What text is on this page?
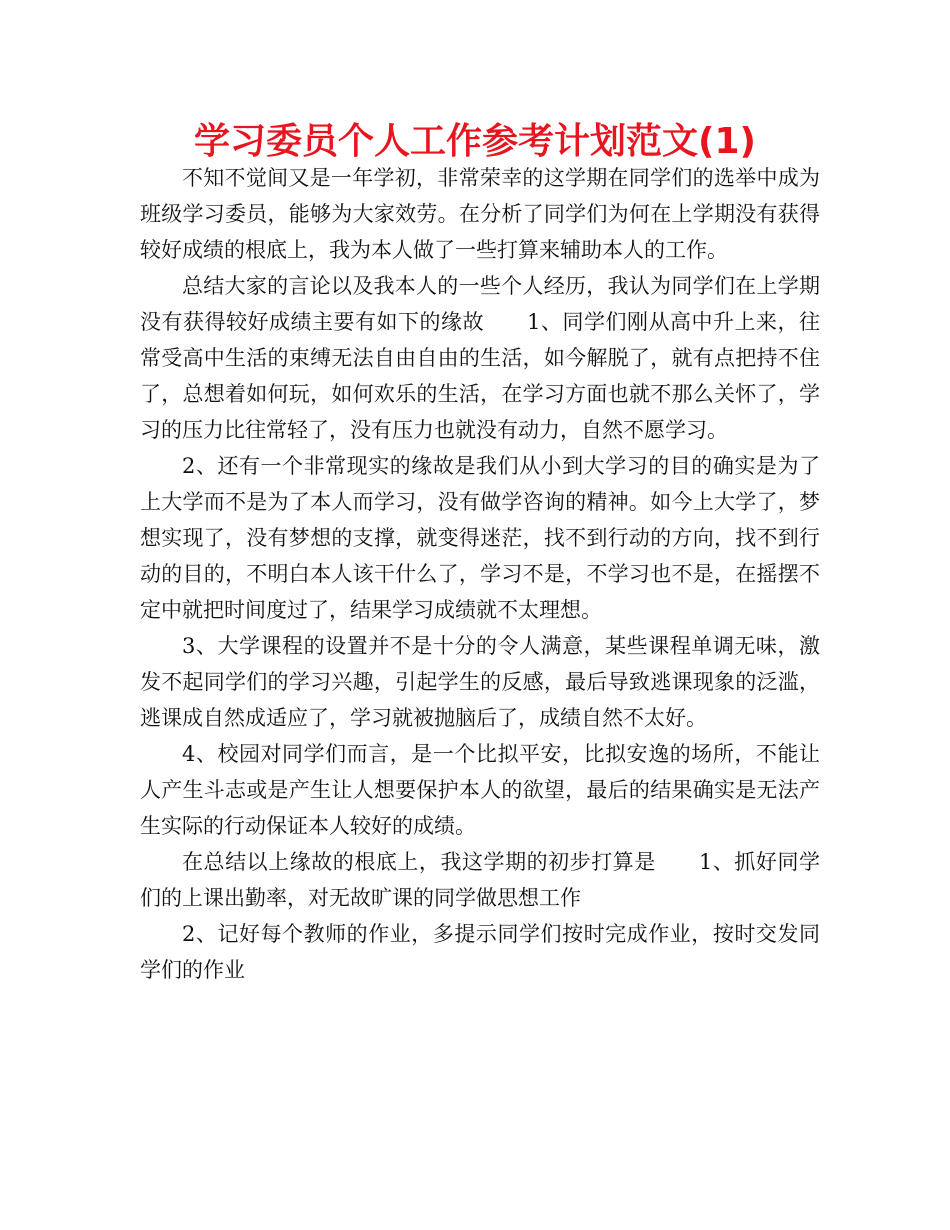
学习委员个人工作参考计划范文(1)

不知不觉间又是一年学初，非常荣幸的这学期在同学们的选举中成为班级学习委员，能够为大家效劳。在分析了同学们为何在上学期没有获得较好成绩的根底上，我为本人做了一些打算来辅助本人的工作。

总结大家的言论以及我本人的一些个人经历，我认为同学们在上学期没有获得较好成绩主要有如下的缘故　　1、同学们刚从高中升上来，往常受高中生活的束缚无法自由自由的生活，如今解脱了，就有点把持不住了，总想着如何玩，如何欢乐的生活，在学习方面也就不那么关怀了，学习的压力比往常轻了，没有压力也就没有动力，自然不愿学习。

2、还有一个非常现实的缘故是我们从小到大学习的目的确实是为了上大学而不是为了本人而学习，没有做学咨询的精神。如今上大学了，梦想实现了，没有梦想的支撑，就变得迷茫，找不到行动的方向，找不到行动的目的，不明白本人该干什么了，学习不是，不学习也不是，在摇摆不定中就把时间度过了，结果学习成绩就不太理想。

3、大学课程的设置并不是十分的令人满意，某些课程单调无味，激发不起同学们的学习兴趣，引起学生的反感，最后导致逃课现象的泛滥，逃课成自然成适应了，学习就被抛脑后了，成绩自然不太好。

4、校园对同学们而言，是一个比拟平安，比拟安逸的场所，不能让人产生斗志或是产生让人想要保护本人的欲望，最后的结果确实是无法产生实际的行动保证本人较好的成绩。

在总结以上缘故的根底上，我这学期的初步打算是　　1、抓好同学们的上课出勤率，对无故旷课的同学做思想工作

2、记好每个教师的作业，多提示同学们按时完成作业，按时交发同学们的作业
